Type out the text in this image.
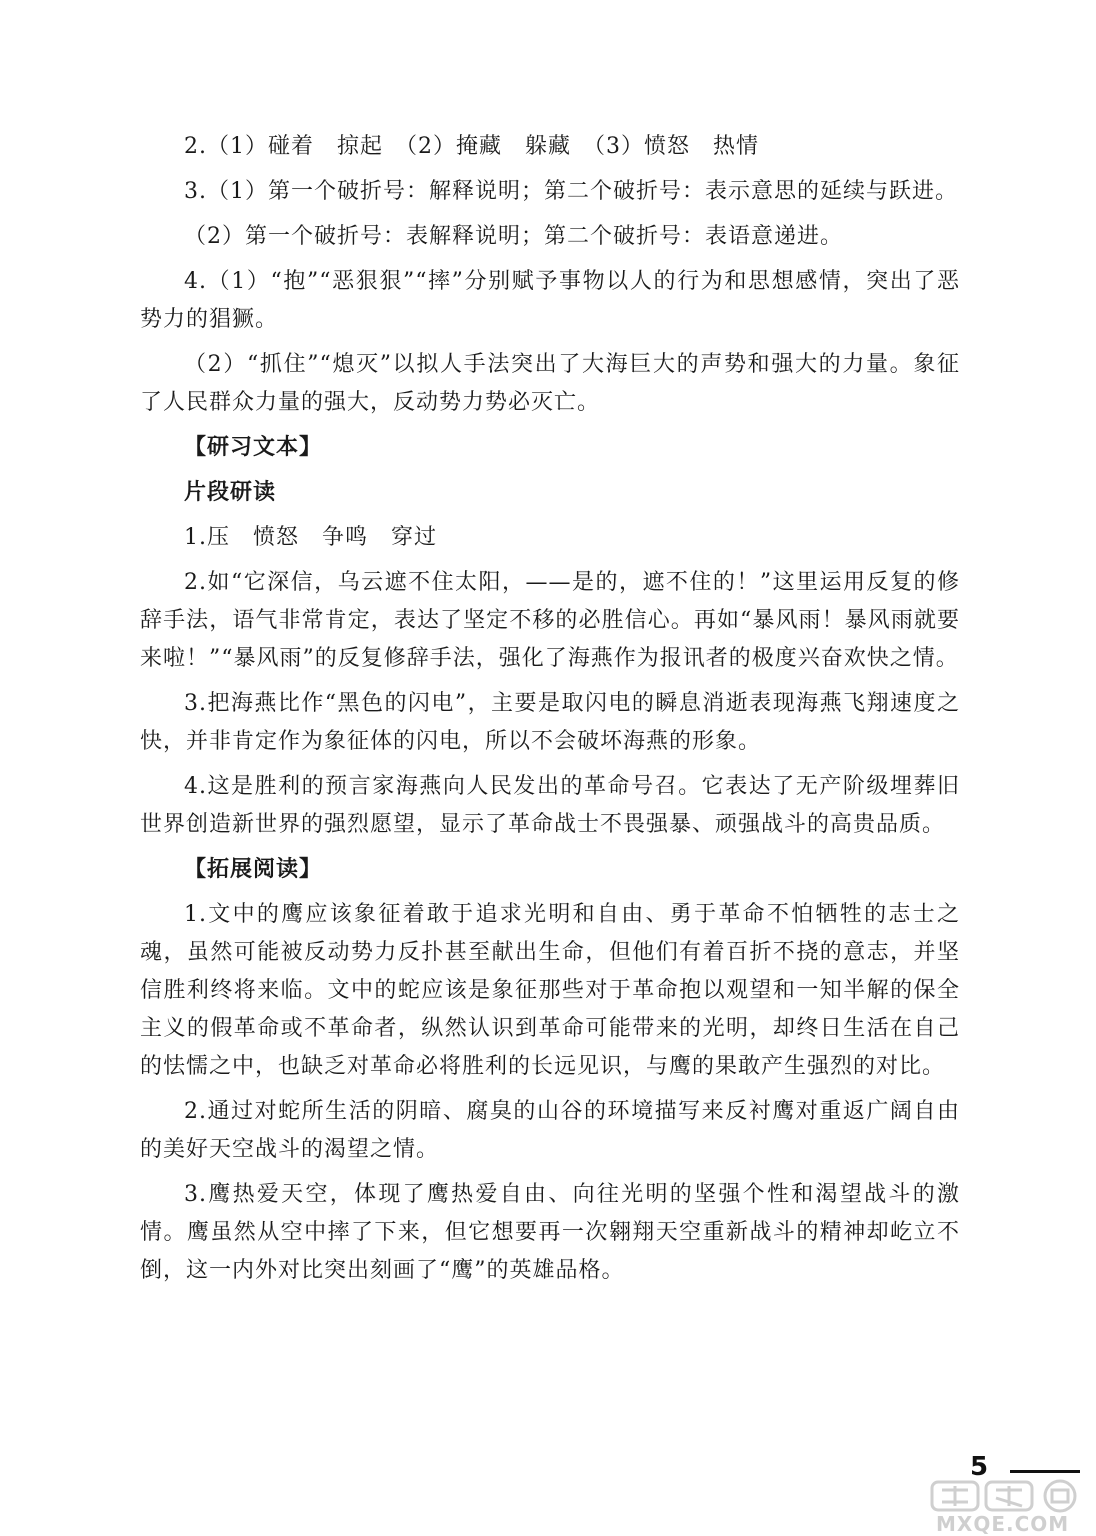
2.（1）碰着　掠起　（2）掩藏　躲藏　（3）愤怒　热情

3.（1）第一个破折号：解释说明；第二个破折号：表示意思的延续与跃进。

（2）第一个破折号：表解释说明；第二个破折号：表语意递进。

4.（1）“抱”“恶狠狠”“摔”分别赋予事物以人的行为和思想感情，突出了恶势力的猖獗。

（2）“抓住”“熄灭”以拟人手法突出了大海巨大的声势和强大的力量。象征了人民群众力量的强大，反动势力势必灭亡。

【研习文本】

片段研读

1.压　愤怒　争鸣　穿过

2.如“它深信，乌云遮不住太阳，——是的，遮不住的！”这里运用反复的修辞手法，语气非常肯定，表达了坚定不移的必胜信心。再如“暴风雨！暴风雨就要来啦！”“暴风雨”的反复修辞手法，强化了海燕作为报讯者的极度兴奋欢快之情。

3.把海燕比作“黑色的闪电”，主要是取闪电的瞬息消逝表现海燕飞翔速度之快，并非肯定作为象征体的闪电，所以不会破坏海燕的形象。

4.这是胜利的预言家海燕向人民发出的革命号召。它表达了无产阶级埋葬旧世界创造新世界的强烈愿望，显示了革命战士不畏强暴、顽强战斗的高贵品质。

【拓展阅读】

1.文中的鹰应该象征着敢于追求光明和自由、勇于革命不怕牺牲的志士之魂，虽然可能被反动势力反扑甚至献出生命，但他们有着百折不挠的意志，并坚信胜利终将来临。文中的蛇应该是象征那些对于革命抱以观望和一知半解的保全主义的假革命或不革命者，纵然认识到革命可能带来的光明，却终日生活在自己的怯懦之中，也缺乏对革命必将胜利的长远见识，与鹰的果敢产生强烈的对比。

2.通过对蛇所生活的阴暗、腐臭的山谷的环境描写来反衬鹰对重返广阔自由的美好天空战斗的渴望之情。

3.鹰热爱天空，体现了鹰热爱自由、向往光明的坚强个性和渴望战斗的激情。鹰虽然从空中摔了下来，但它想要再一次翱翔天空重新战斗的精神却屹立不倒，这一内外对比突出刻画了“鹰”的英雄品格。

5
MXQE.COM
